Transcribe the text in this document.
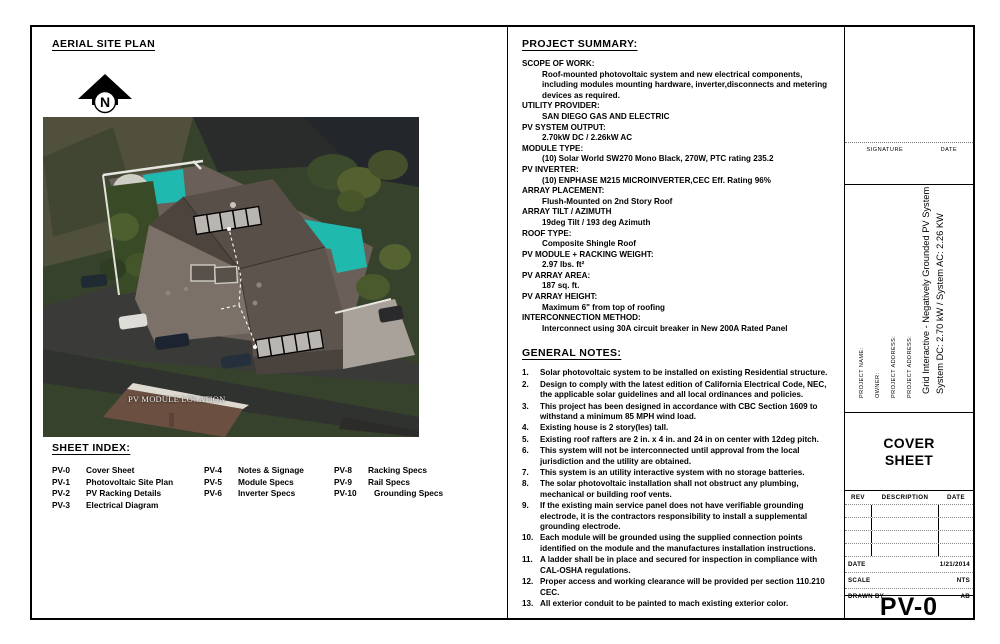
AERIAL SITE PLAN
N
PV MODULE LOCATION
SHEET INDEX:
PV-0	Cover Sheet
PV-1	Photovoltaic Site Plan
PV-2	PV Racking Details
PV-3	Electrical Diagram
PV-4	Notes & Signage
PV-5	Module Specs
PV-6	Inverter Specs
PV-8	Racking Specs
PV-9	Rail Specs
PV-10	Grounding Specs
PROJECT SUMMARY:
SCOPE OF WORK:
Roof-mounted photovoltaic system and new electrical components, including modules mounting hardware, inverter,disconnects and metering devices as required.
UTILITY PROVIDER:
SAN DIEGO GAS AND ELECTRIC
PV SYSTEM OUTPUT:
2.70kW DC / 2.26kW AC
MODULE TYPE:
(10) Solar World SW270 Mono Black, 270W, PTC rating 235.2
PV INVERTER:
(10) ENPHASE M215 MICROINVERTER,CEC Eff. Rating 96%
ARRAY PLACEMENT:
Flush-Mounted on 2nd Story Roof
ARRAY TILT / AZIMUTH
19deg Tilt / 193 deg Azimuth
ROOF TYPE:
Composite Shingle Roof
PV MODULE + RACKING WEIGHT:
2.97 lbs. ft²
PV ARRAY AREA:
187 sq. ft.
PV ARRAY HEIGHT:
Maximum 6" from top of roofing
INTERCONNECTION METHOD:
Interconnect using 30A circuit breaker in New 200A Rated Panel
GENERAL NOTES:
1.	Solar photovoltaic system to be installed on existing Residential structure.
2.	Design to comply with the latest edition of California Electrical Code, NEC, the applicable solar guidelines and all local ordinances and policies.
3.	This project has been designed in accordance with CBC Section 1609 to withstand a minimum 85 MPH wind load.
4.	Existing house is 2 story(les) tall.
5.	Existing roof rafters are 2 in. x 4 in. and 24 in on center with 12deg pitch.
6.	This system will not be interconnected until approval from the local jurisdiction and the utility are obtained.
7.	This system is an utility interactive system with no storage batteries.
8.	The solar photovoltaic installation shall not obstruct any plumbing, mechanical or building roof vents.
9.	If the existing main service panel does not have verifiable grounding electrode, it is the contractors responsibility to install a supplemental grounding electrode.
10. Each module will be grounded using the supplied connection points identified on the module and the manufactures installation instructions.
11. A ladder shall be in place and secured for inspection in compliance with CAL-OSHA regulations.
12. Proper access and working clearance will be provided per section 110.210 CEC.
13. All exterior conduit to be painted to mach existing exterior color.
SIGNATURE	DATE
PROJECT NAME: OWNER: PROJECT ADDRESS: PROJECT ADDRESS: Grid Interactive - Negatively Grounded PV System System DC: 2.70 kW / System AC: 2.26 KW
COVER
SHEET
REV	DESCRIPTION	DATE
DATE	1/21/2014
SCALE	NTS
DRAWN BY	AB
PV-0
